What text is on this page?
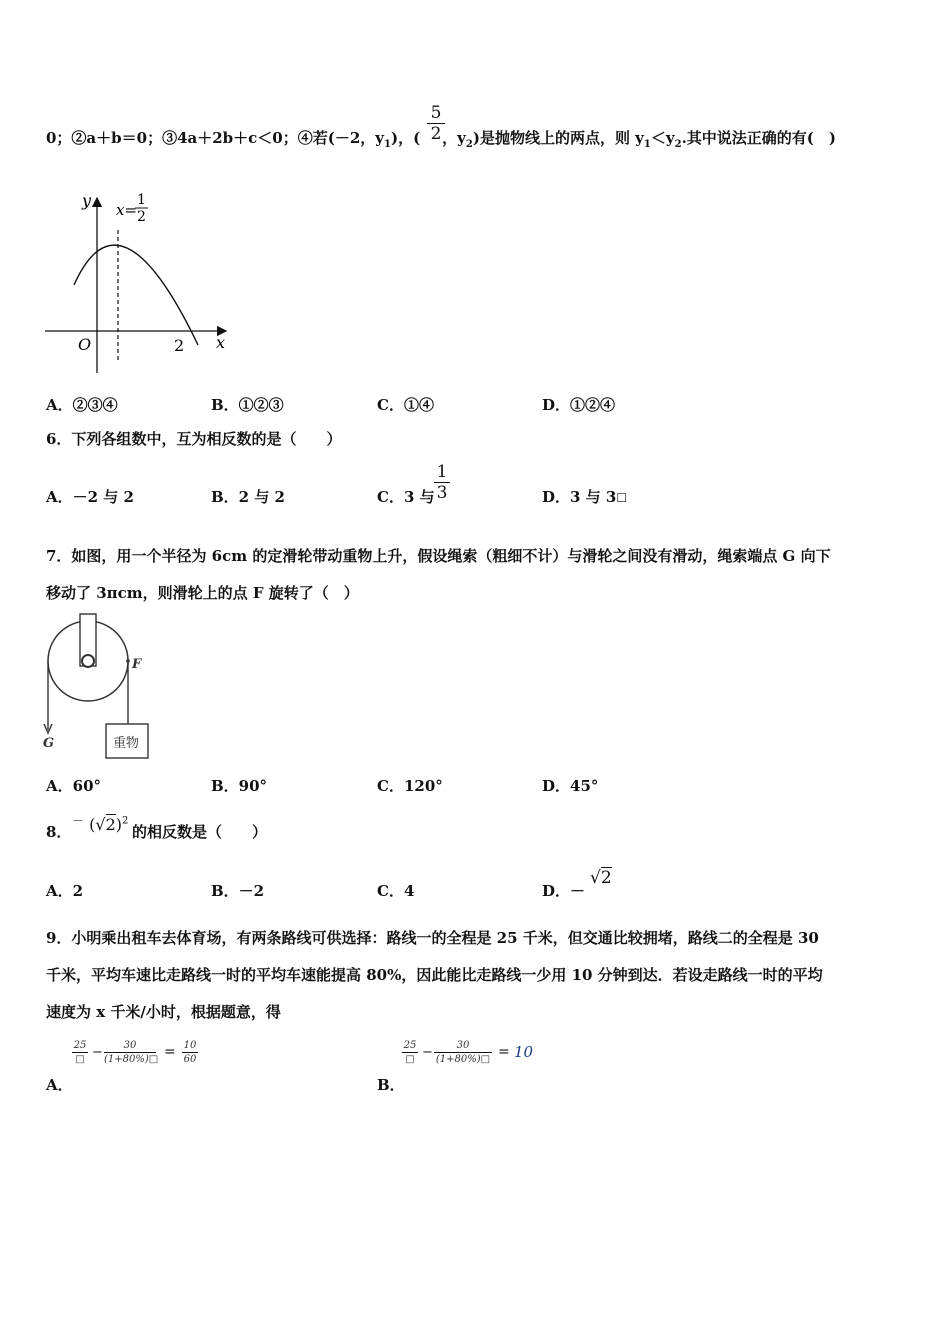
0；②a＋b＝0；③4a＋2b＋c＜0；④若(－2，$y_1$)，( ，$y_2$)是抛物线上的两点，则 $y_1<y_2$.其中说法正确的有(　)
5
2
y
x
O	2
x=
1
2
A．②③④	B．①②③	C．①④	D．①②④
6．下列各组数中，互为相反数的是（　　）
A．－2 与 2	B．2 与 2	C．3 与
1
3	D．3 与 3☐
7．如图，用一个半径为 6cm 的定滑轮带动重物上升，假设绳索（粗细不计）与滑轮之间没有滑动，绳索端点 G 向下
移动了 3πcm，则滑轮上的点 F 旋转了（　）
重物
F
G
A．60°	B．90°	C．120°	D．45°
8．
－ $(√2)^2$
的相反数是（　　）
A．2	B．－2	C．4	D．－
√2
9．小明乘出租车去体育场，有两条路线可供选择：路线一的全程是 25 千米，但交通比较拥堵，路线二的全程是 30
千米，平均车速比走路线一时的平均车速能提高 80%，因此能比走路线一少用 10 分钟到达．若设走路线一时的平均
速度为 x 千米/小时，根据题意，得
A．
25
□ −	30
(1+80%)□ = 10
60
B．
25
□ −	30
(1+80%)□ = 10
